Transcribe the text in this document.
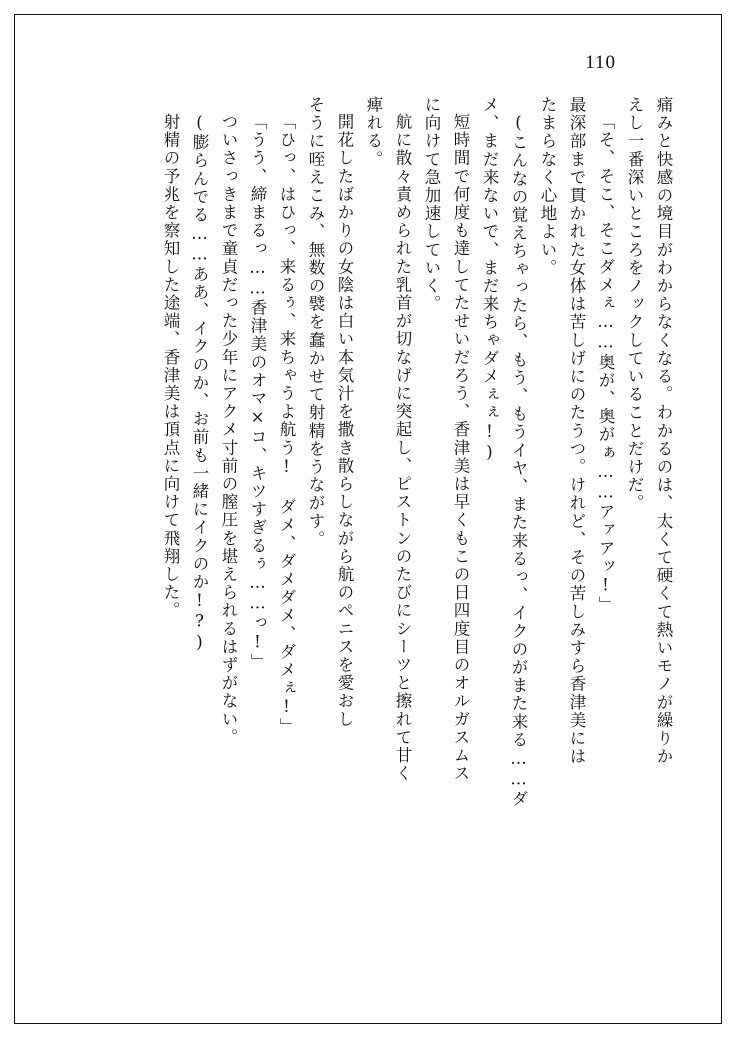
110
痛みと快感の境目がわからなくなる。わかるのは、太くて硬くて熱いモノが繰りか
えし一番深いところをノックしていることだけだ。
「そ、そこ、そこダメぇ……奥が、奥がぁ……アァアッ!」
最深部まで貫かれた女体は苦しげにのたうつ。けれど、その苦しみすら香津美には
たまらなく心地よい。
(こんなの覚えちゃったら、もう、もうイヤ、また来るっ、イクのがまた来る……ダ
メ、まだ来ないで、まだ来ちゃダメぇぇ!)
短時間で何度も達してたせいだろう、香津美は早くもこの日四度目のオルガスムス
に向けて急加速していく。
航に散々責められた乳首が切なげに突起し、ピストンのたびにシーツと擦れて甘く
痺れる。
開花したばかりの女陰は白い本気汁を撒き散らしながら航のペニスを愛おし
そうに咥えこみ、無数の襞を蠢かせて射精をうながす。
「ひっ、はひっ、来るぅ、来ちゃうよ航う! ダメ、ダメダメ、ダメぇ!」
「うう、締まるっ……香津美のオマ×コ、キツすぎるぅ……っ!」
ついさっきまで童貞だった少年にアクメ寸前の膣圧を堪えられるはずがない。
(膨らんでる……ああ、イクのか、お前も一緒にイクのか!?)
射精の予兆を察知した途端、香津美は頂点に向けて飛翔した。
